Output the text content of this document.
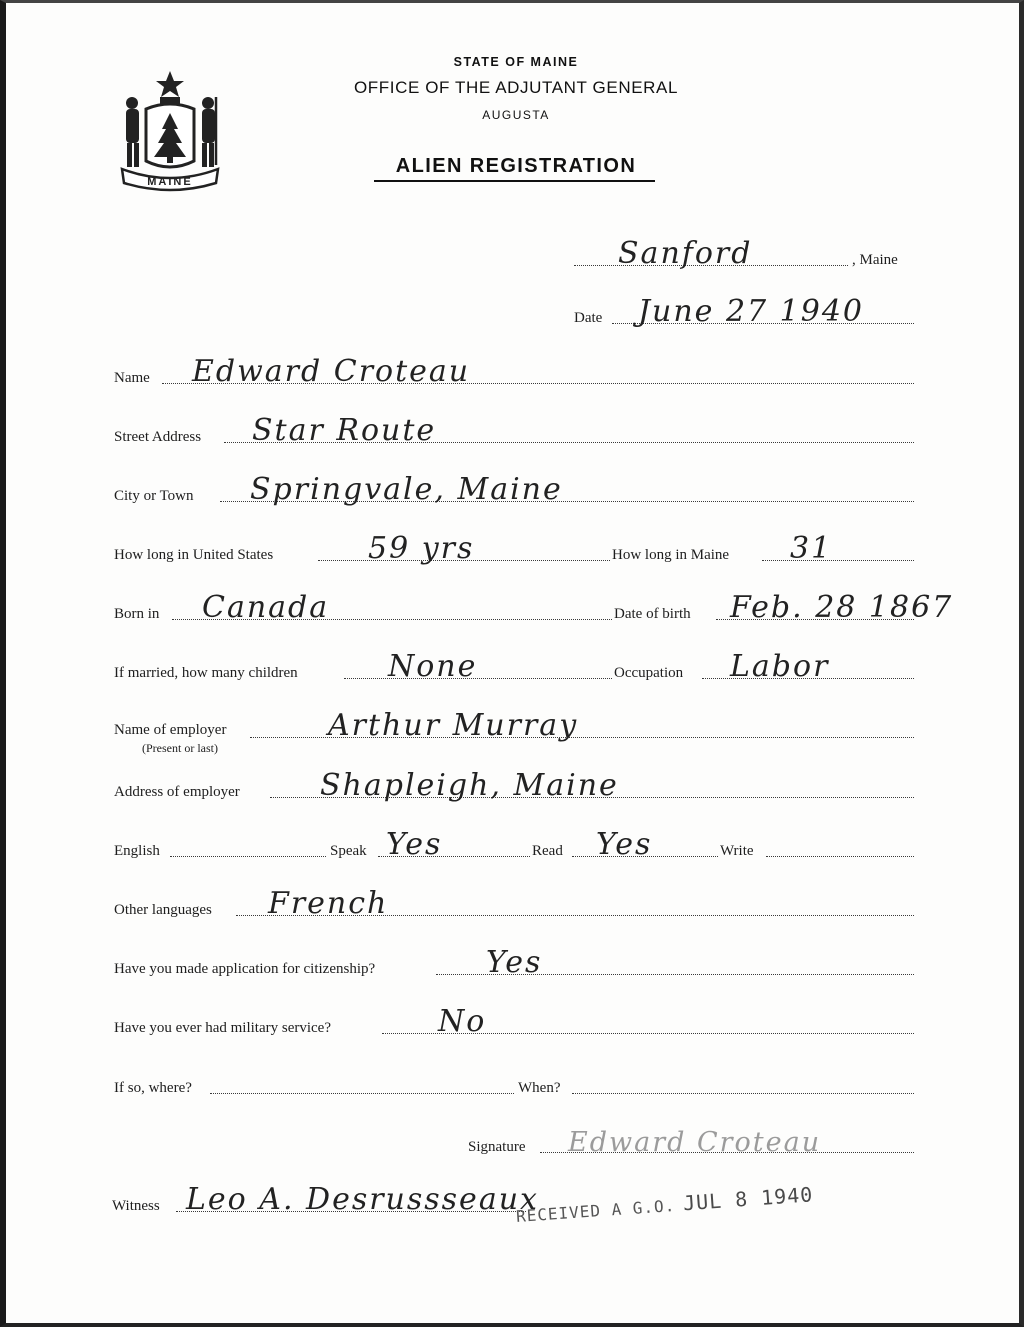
MAINE
STATE OF MAINE
OFFICE OF THE ADJUTANT GENERAL
AUGUSTA
ALIEN REGISTRATION
Sanford	, Maine
Date June 27 1940
Name Edward Croteau
Street Address Star Route
City or Town Springvale, Maine
How long in United States	59 yrs	How long in Maine 31
Born in Canada	Date of birth Feb. 28 1867
If married, how many children	None	Occupation Labor
Name of employer
(Present or last)
Arthur Murray
Address of employer	Shapleigh, Maine
English	Speak Yes	Read Yes	Write
Other languages French
Have you made application for citizenship?	Yes
Have you ever had military service?	No
If so, where?	When?
Signature Edward Croteau
Witness Leo A. Desrussseaux
RECEIVED A G.O. JUL 8 1940
